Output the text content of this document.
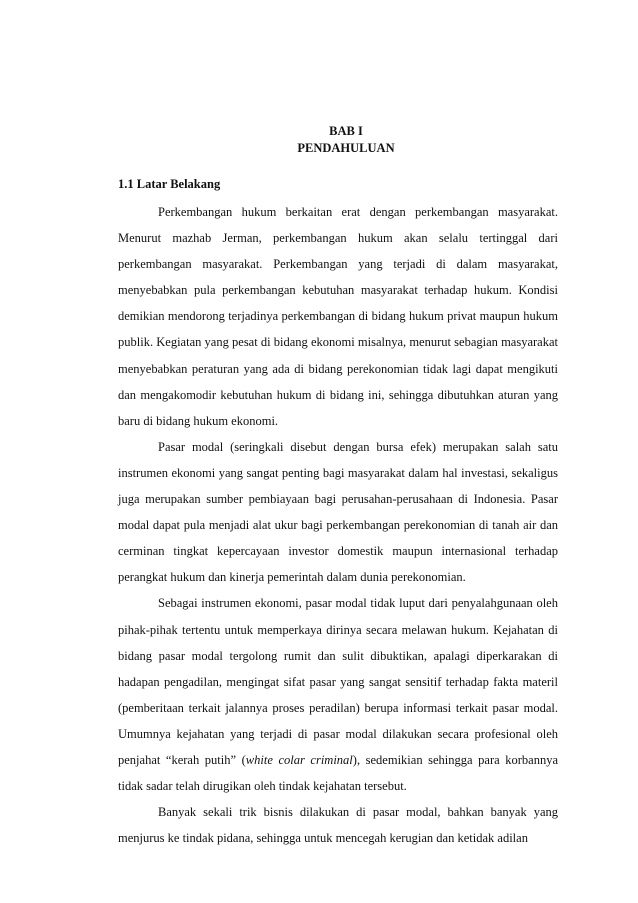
BAB I
PENDAHULUAN
1.1 Latar Belakang

Perkembangan hukum berkaitan erat dengan perkembangan masyarakat. Menurut mazhab Jerman, perkembangan hukum akan selalu tertinggal dari perkembangan masyarakat. Perkembangan yang terjadi di dalam masyarakat, menyebabkan pula perkembangan kebutuhan masyarakat terhadap hukum. Kondisi demikian mendorong terjadinya perkembangan di bidang hukum privat maupun hukum publik. Kegiatan yang pesat di bidang ekonomi misalnya, menurut sebagian masyarakat menyebabkan peraturan yang ada di bidang perekonomian tidak lagi dapat mengikuti dan mengakomodir kebutuhan hukum di bidang ini, sehingga dibutuhkan aturan yang baru di bidang hukum ekonomi.

Pasar modal (seringkali disebut dengan bursa efek) merupakan salah satu instrumen ekonomi yang sangat penting bagi masyarakat dalam hal investasi, sekaligus juga merupakan sumber pembiayaan bagi perusahan-perusahaan di Indonesia. Pasar modal dapat pula menjadi alat ukur bagi perkembangan perekonomian di tanah air dan cerminan tingkat kepercayaan investor domestik maupun internasional terhadap perangkat hukum dan kinerja pemerintah dalam dunia perekonomian.

Sebagai instrumen ekonomi, pasar modal tidak luput dari penyalahgunaan oleh pihak-pihak tertentu untuk memperkaya dirinya secara melawan hukum. Kejahatan di bidang pasar modal tergolong rumit dan sulit dibuktikan, apalagi diperkarakan di hadapan pengadilan, mengingat sifat pasar yang sangat sensitif terhadap fakta materil (pemberitaan terkait jalannya proses peradilan) berupa informasi terkait pasar modal. Umumnya kejahatan yang terjadi di pasar modal dilakukan secara profesional oleh penjahat “kerah putih” (white colar criminal), sedemikian sehingga para korbannya tidak sadar telah dirugikan oleh tindak kejahatan tersebut.

Banyak sekali trik bisnis dilakukan di pasar modal, bahkan banyak yang menjurus ke tindak pidana, sehingga untuk mencegah kerugian dan ketidak adilan
